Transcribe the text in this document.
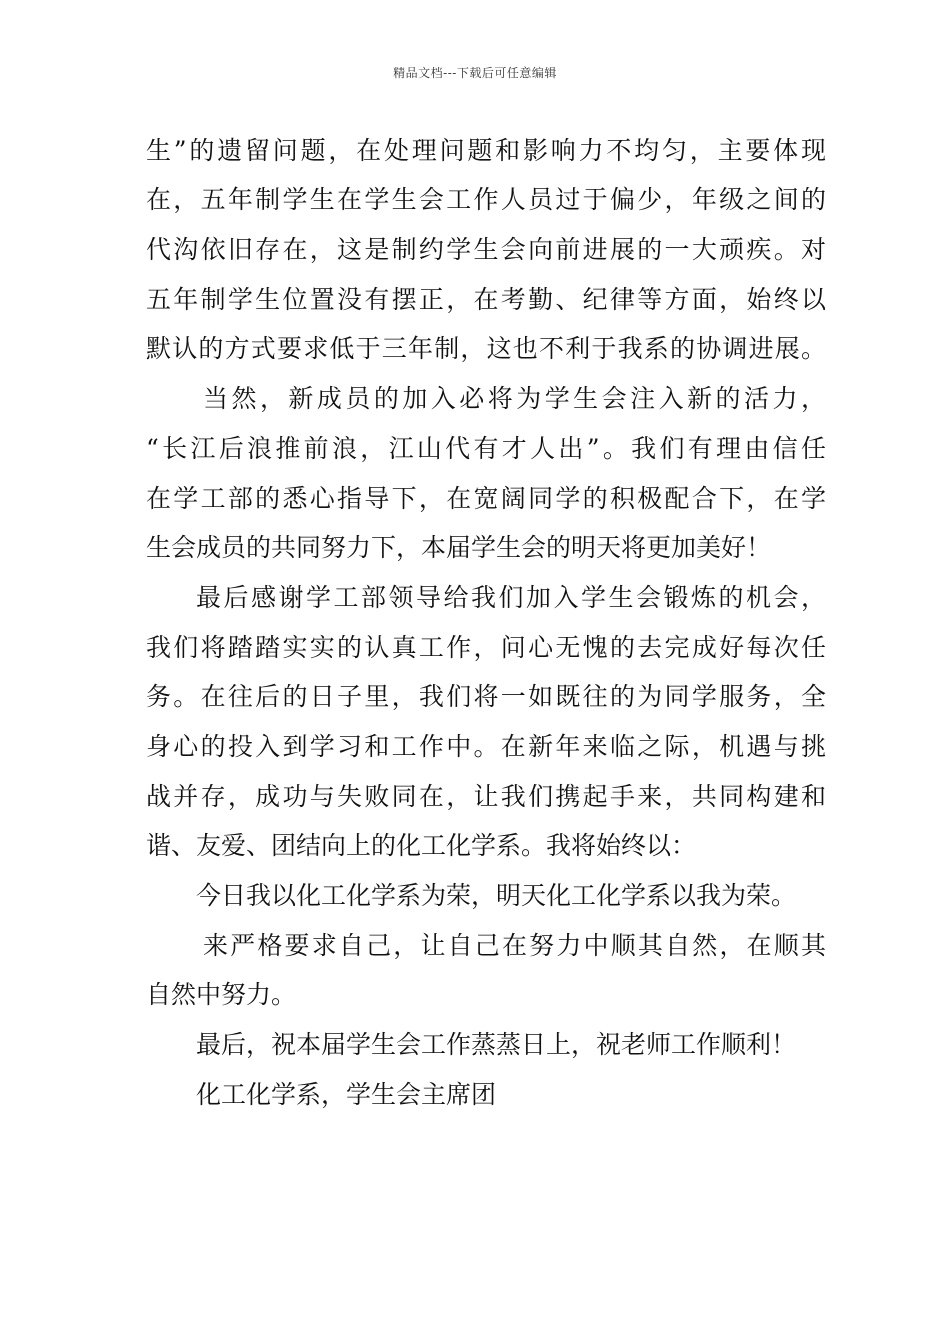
精品文档---下载后可任意编辑
生”的遗留问题，在处理问题和影响力不均匀，主要体现
在，五年制学生在学生会工作人员过于偏少，年级之间的
代沟依旧存在，这是制约学生会向前进展的一大顽疾。对
五年制学生位置没有摆正，在考勤、纪律等方面，始终以
默认的方式要求低于三年制，这也不利于我系的协调进展。
当然，新成员的加入必将为学生会注入新的活力，
“长江后浪推前浪，江山代有才人出”。我们有理由信任
在学工部的悉心指导下，在宽阔同学的积极配合下，在学
生会成员的共同努力下，本届学生会的明天将更加美好！
最后感谢学工部领导给我们加入学生会锻炼的机会，
我们将踏踏实实的认真工作，问心无愧的去完成好每次任
务。在往后的日子里，我们将一如既往的为同学服务，全
身心的投入到学习和工作中。在新年来临之际，机遇与挑
战并存，成功与失败同在，让我们携起手来，共同构建和
谐、友爱、团结向上的化工化学系。我将始终以：
今日我以化工化学系为荣，明天化工化学系以我为荣。
来严格要求自己，让自己在努力中顺其自然，在顺其
自然中努力。
最后，祝本届学生会工作蒸蒸日上，祝老师工作顺利！
化工化学系，学生会主席团
